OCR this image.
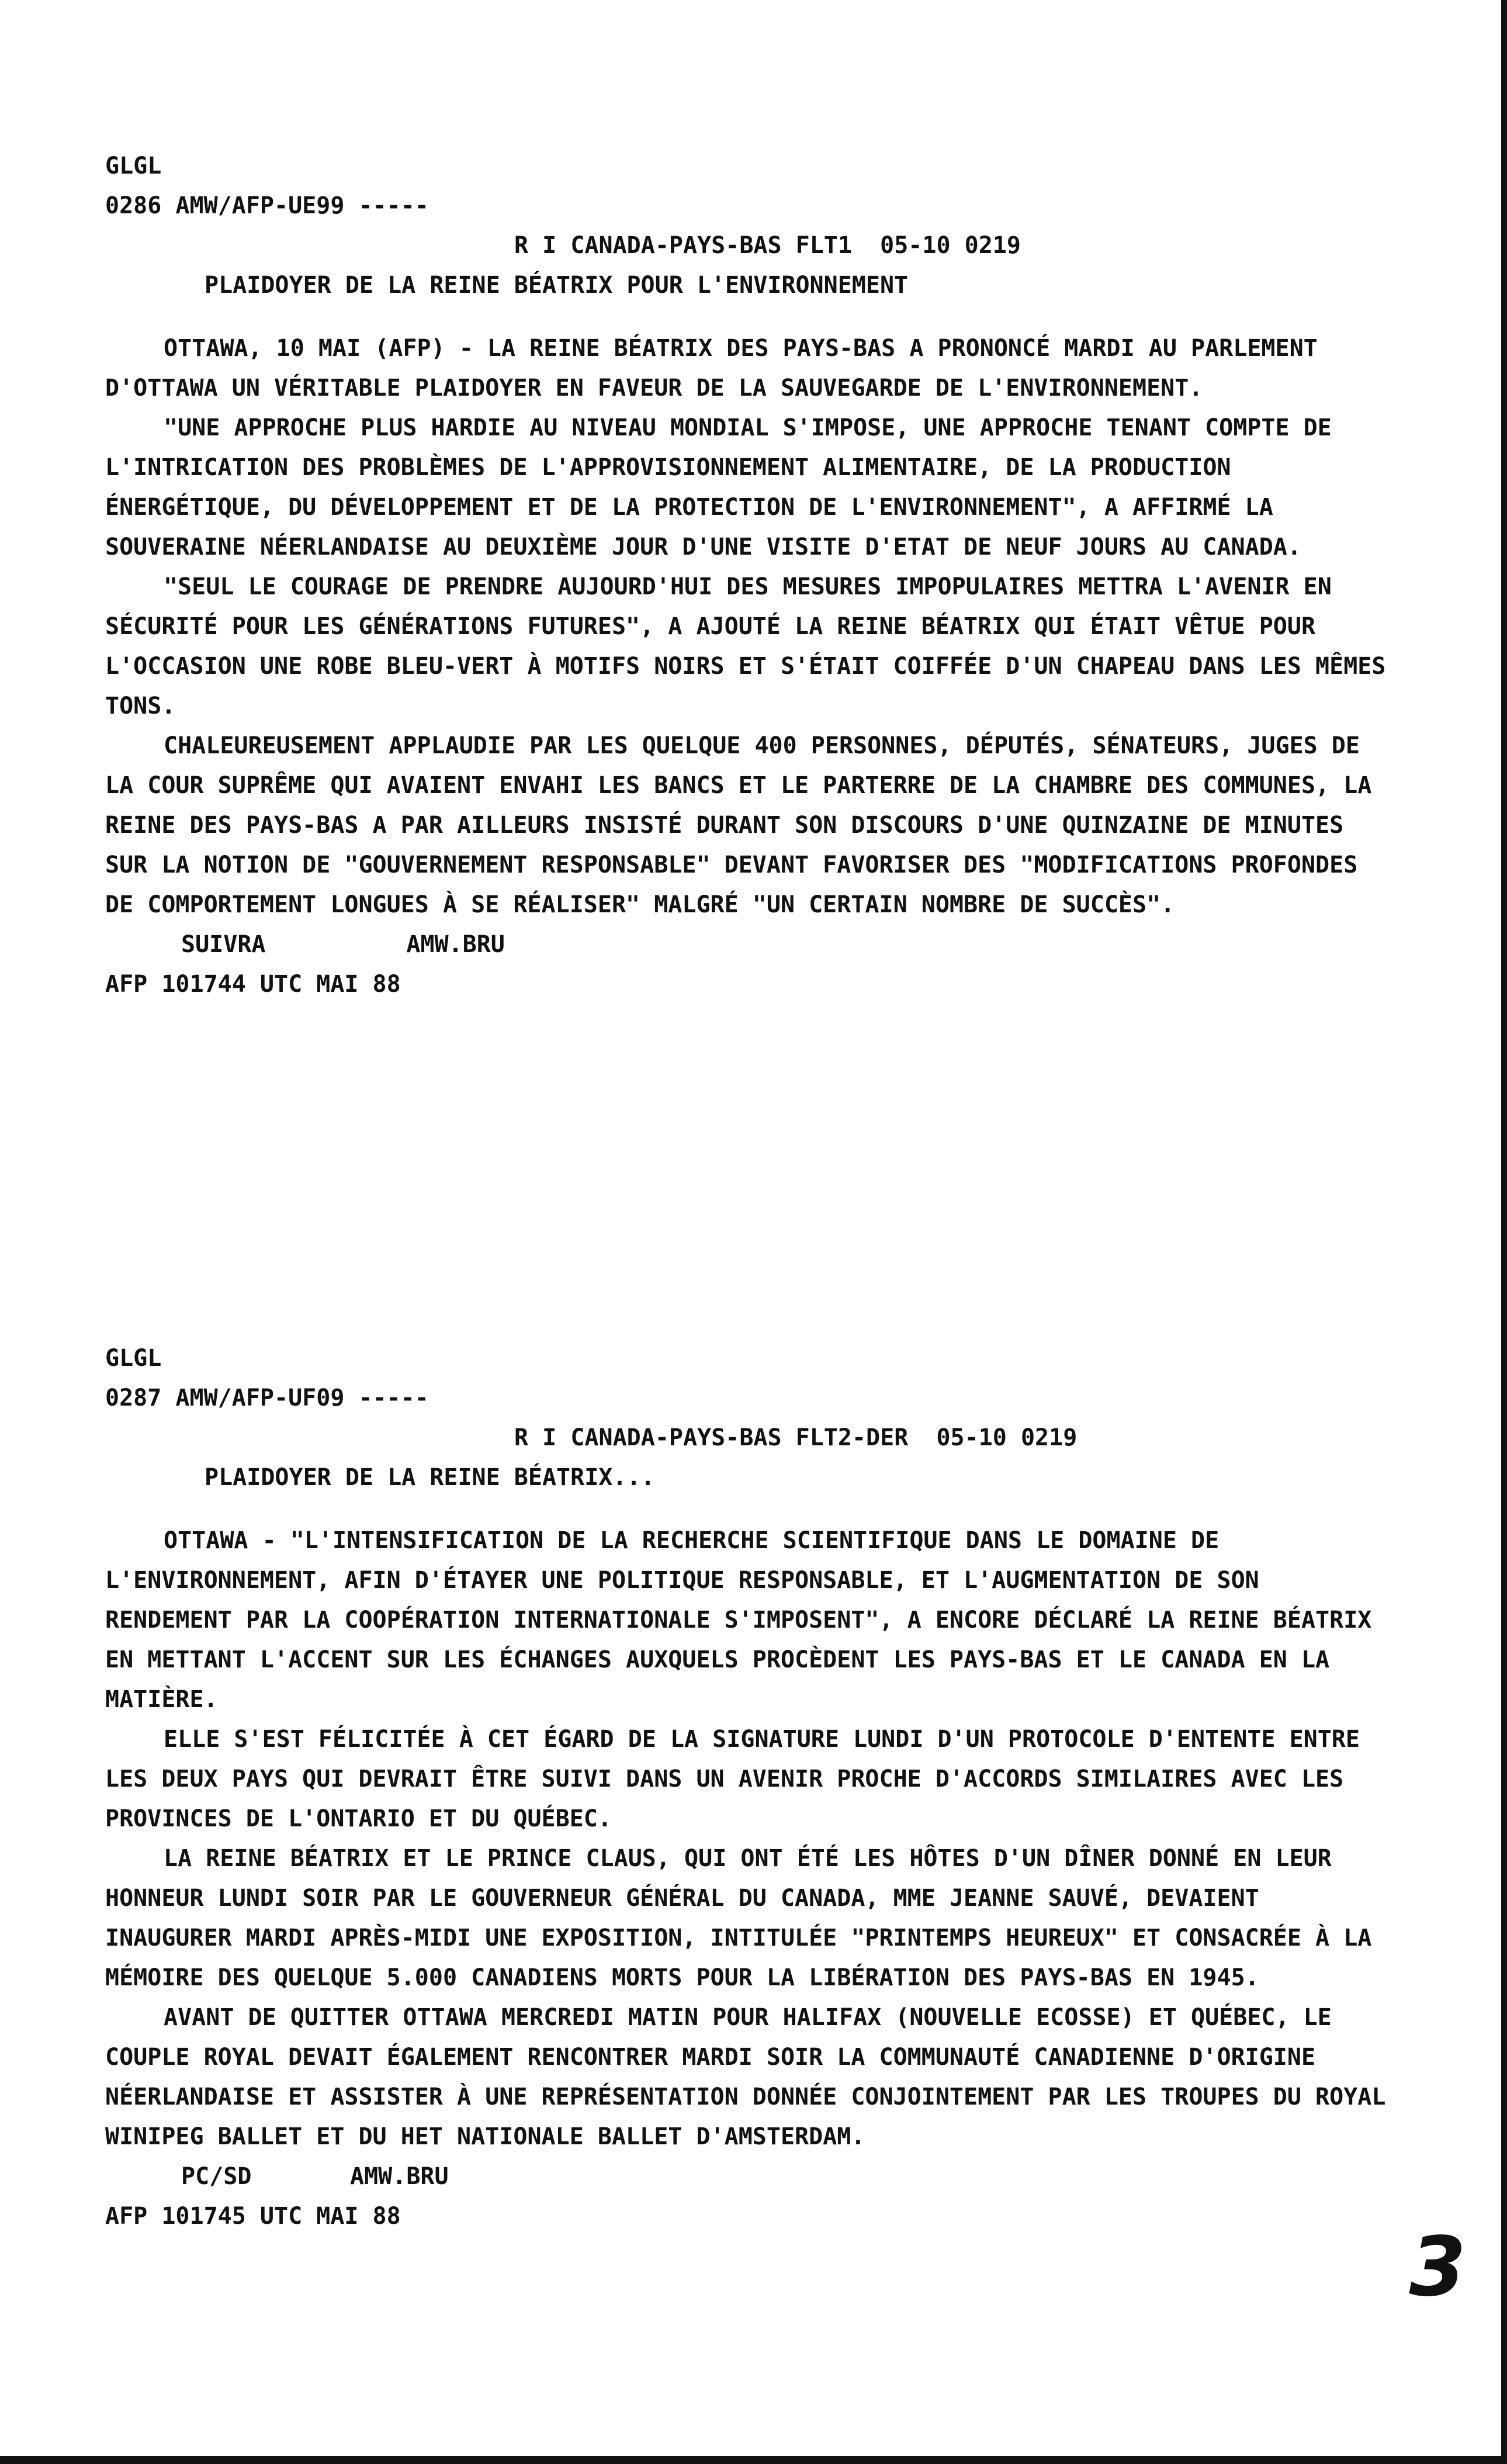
GLGL

0286 AMW/AFP-UE99 -----

R I CANADA-PAYS-BAS FLT1  05-10 0219

PLAIDOYER DE LA REINE BÉATRIX POUR L'ENVIRONNEMENT

OTTAWA, 10 MAI (AFP) - LA REINE BÉATRIX DES PAYS-BAS A PRONONCÉ MARDI AU PARLEMENT D'OTTAWA UN VÉRITABLE PLAIDOYER EN FAVEUR DE LA SAUVEGARDE DE L'ENVIRONNEMENT.

"UNE APPROCHE PLUS HARDIE AU NIVEAU MONDIAL S'IMPOSE, UNE APPROCHE TENANT COMPTE DE L'INTRICATION DES PROBLÈMES DE L'APPROVISIONNEMENT ALIMENTAIRE, DE LA PRODUCTION ÉNERGÉTIQUE, DU DÉVELOPPEMENT ET DE LA PROTECTION DE L'ENVIRONNEMENT", A AFFIRMÉ LA SOUVERAINE NÉERLANDAISE AU DEUXIÈME JOUR D'UNE VISITE D'ETAT DE NEUF JOURS AU CANADA.

"SEUL LE COURAGE DE PRENDRE AUJOURD'HUI DES MESURES IMPOPULAIRES METTRA L'AVENIR EN SÉCURITÉ POUR LES GÉNÉRATIONS FUTURES", A AJOUTÉ LA REINE BÉATRIX QUI ÉTAIT VÊTUE POUR L'OCCASION UNE ROBE BLEU-VERT À MOTIFS NOIRS ET S'ÉTAIT COIFFÉE D'UN CHAPEAU DANS LES MÊMES TONS.

CHALEUREUSEMENT APPLAUDIE PAR LES QUELQUE 400 PERSONNES, DÉPUTÉS, SÉNATEURS, JUGES DE LA COUR SUPRÊME QUI AVAIENT ENVAHI LES BANCS ET LE PARTERRE DE LA CHAMBRE DES COMMUNES, LA REINE DES PAYS-BAS A PAR AILLEURS INSISTÉ DURANT SON DISCOURS D'UNE QUINZAINE DE MINUTES SUR LA NOTION DE "GOUVERNEMENT RESPONSABLE" DEVANT FAVORISER DES "MODIFICATIONS PROFONDES DE COMPORTEMENT LONGUES À SE RÉALISER" MALGRÉ "UN CERTAIN NOMBRE DE SUCCÈS".

SUIVRA          AMW.BRU

AFP 101744 UTC MAI 88

GLGL

0287 AMW/AFP-UF09 -----

R I CANADA-PAYS-BAS FLT2-DER  05-10 0219

PLAIDOYER DE LA REINE BÉATRIX...

OTTAWA - "L'INTENSIFICATION DE LA RECHERCHE SCIENTIFIQUE DANS LE DOMAINE DE L'ENVIRONNEMENT, AFIN D'ÉTAYER UNE POLITIQUE RESPONSABLE, ET L'AUGMENTATION DE SON RENDEMENT PAR LA COOPÉRATION INTERNATIONALE S'IMPOSENT", A ENCORE DÉCLARÉ LA REINE BÉATRIX EN METTANT L'ACCENT SUR LES ÉCHANGES AUXQUELS PROCÈDENT LES PAYS-BAS ET LE CANADA EN LA MATIÈRE.

ELLE S'EST FÉLICITÉE À CET ÉGARD DE LA SIGNATURE LUNDI D'UN PROTOCOLE D'ENTENTE ENTRE LES DEUX PAYS QUI DEVRAIT ÊTRE SUIVI DANS UN AVENIR PROCHE D'ACCORDS SIMILAIRES AVEC LES PROVINCES DE L'ONTARIO ET DU QUÉBEC.

LA REINE BÉATRIX ET LE PRINCE CLAUS, QUI ONT ÉTÉ LES HÔTES D'UN DÎNER DONNÉ EN LEUR HONNEUR LUNDI SOIR PAR LE GOUVERNEUR GÉNÉRAL DU CANADA, MME JEANNE SAUVÉ, DEVAIENT INAUGURER MARDI APRÈS-MIDI UNE EXPOSITION, INTITULÉE "PRINTEMPS HEUREUX" ET CONSACRÉE À LA MÉMOIRE DES QUELQUE 5.000 CANADIENS MORTS POUR LA LIBÉRATION DES PAYS-BAS EN 1945.

AVANT DE QUITTER OTTAWA MERCREDI MATIN POUR HALIFAX (NOUVELLE ECOSSE) ET QUÉBEC, LE COUPLE ROYAL DEVAIT ÉGALEMENT RENCONTRER MARDI SOIR LA COMMUNAUTÉ CANADIENNE D'ORIGINE NÉERLANDAISE ET ASSISTER À UNE REPRÉSENTATION DONNÉE CONJOINTEMENT PAR LES TROUPES DU ROYAL WINIPEG BALLET ET DU HET NATIONALE BALLET D'AMSTERDAM.

PC/SD       AMW.BRU

AFP 101745 UTC MAI 88

3
